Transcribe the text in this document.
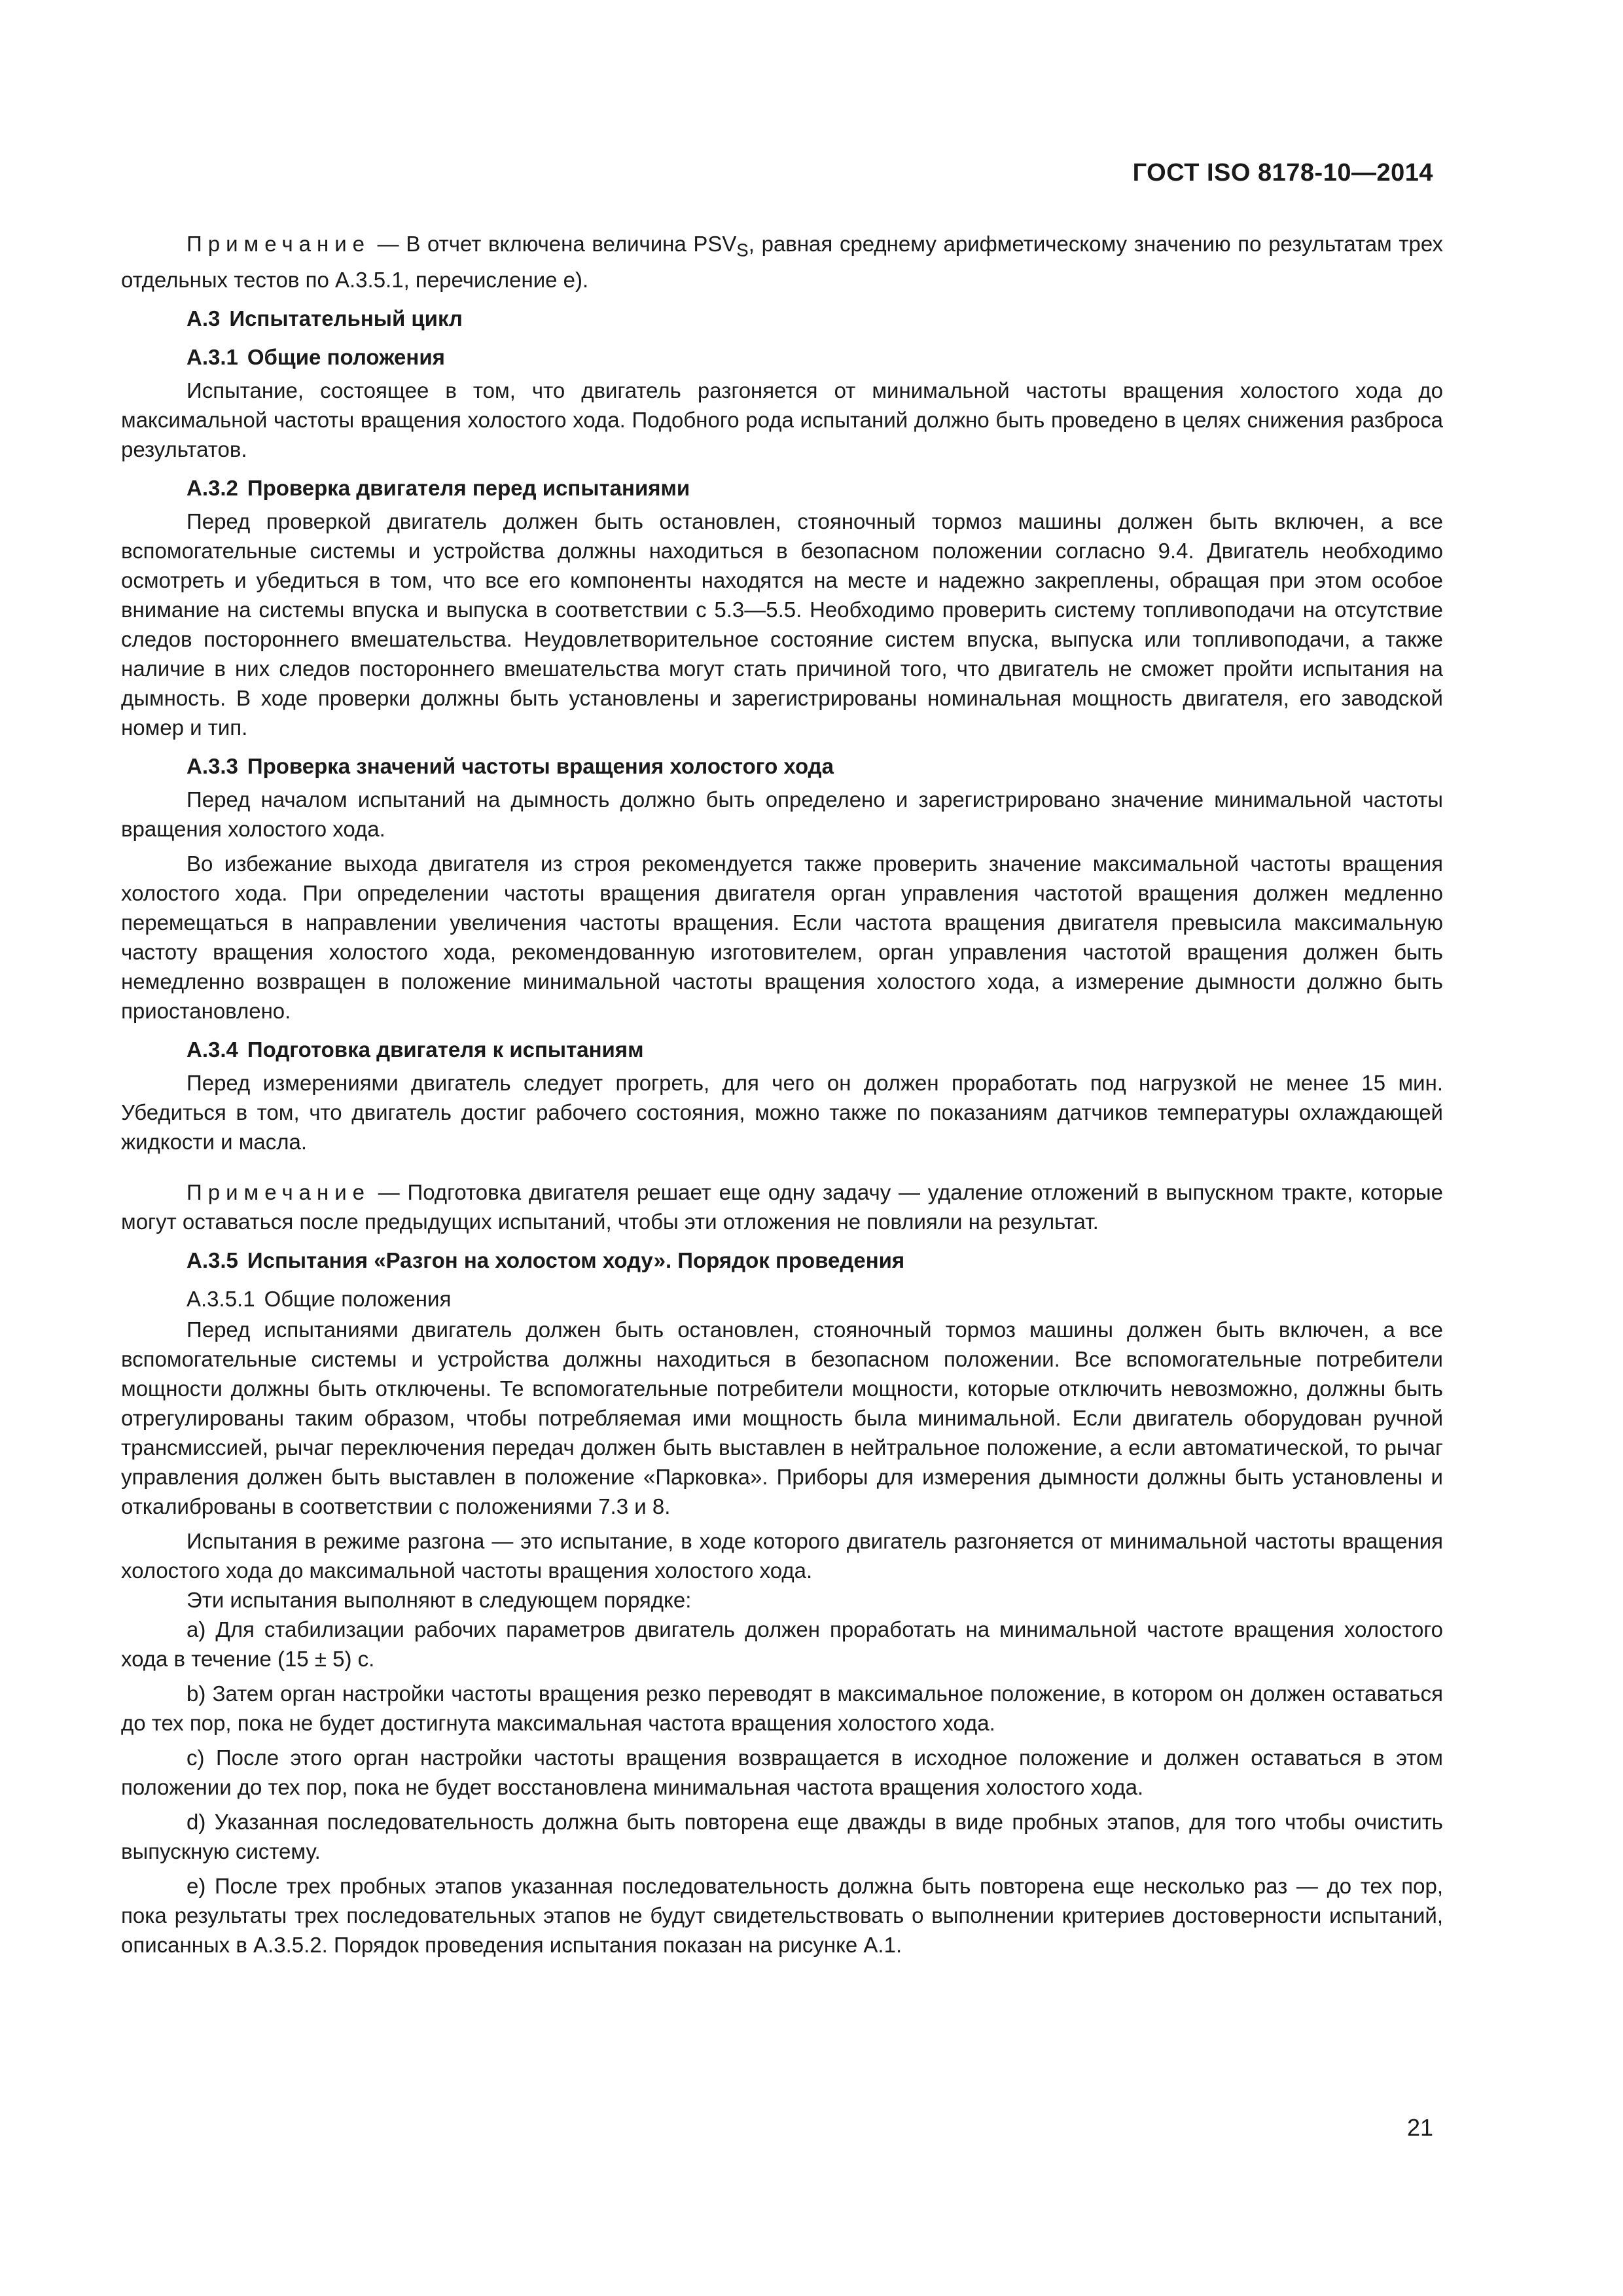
ГОСТ ISO 8178-10—2014

Примечание — В отчет включена величина $PSV_S$, равная среднему арифметическому значению по результатам трех отдельных тестов по А.3.5.1, перечисление е).

А.3 Испытательный цикл
А.3.1 Общие положения

Испытание, состоящее в том, что двигатель разгоняется от минимальной частоты вращения холостого хода до максимальной частоты вращения холостого хода. Подобного рода испытаний должно быть проведено в целях снижения разброса результатов.

А.3.2 Проверка двигателя перед испытаниями

Перед проверкой двигатель должен быть остановлен, стояночный тормоз машины должен быть включен, а все вспомогательные системы и устройства должны находиться в безопасном положении согласно 9.4. Двигатель необходимо осмотреть и убедиться в том, что все его компоненты находятся на месте и надежно закреплены, обращая при этом особое внимание на системы впуска и выпуска в соответствии с 5.3—5.5. Необходимо проверить систему топливоподачи на отсутствие следов постороннего вмешательства. Неудовлетворительное состояние систем впуска, выпуска или топливоподачи, а также наличие в них следов постороннего вмешательства могут стать причиной того, что двигатель не сможет пройти испытания на дымность. В ходе проверки должны быть установлены и зарегистрированы номинальная мощность двигателя, его заводской номер и тип.

А.3.3 Проверка значений частоты вращения холостого хода

Перед началом испытаний на дымность должно быть определено и зарегистрировано значение минимальной частоты вращения холостого хода.

Во избежание выхода двигателя из строя рекомендуется также проверить значение максимальной частоты вращения холостого хода. При определении частоты вращения двигателя орган управления частотой вращения должен медленно перемещаться в направлении увеличения частоты вращения. Если частота вращения двигателя превысила максимальную частоту вращения холостого хода, рекомендованную изготовителем, орган управления частотой вращения должен быть немедленно возвращен в положение минимальной частоты вращения холостого хода, а измерение дымности должно быть приостановлено.

А.3.4 Подготовка двигателя к испытаниям

Перед измерениями двигатель следует прогреть, для чего он должен проработать под нагрузкой не менее 15 мин. Убедиться в том, что двигатель достиг рабочего состояния, можно также по показаниям датчиков температуры охлаждающей жидкости и масла.

Примечание — Подготовка двигателя решает еще одну задачу — удаление отложений в выпускном тракте, которые могут оставаться после предыдущих испытаний, чтобы эти отложения не повлияли на результат.

А.3.5 Испытания «Разгон на холостом ходу». Порядок проведения
А.3.5.1 Общие положения

Перед испытаниями двигатель должен быть остановлен, стояночный тормоз машины должен быть включен, а все вспомогательные системы и устройства должны находиться в безопасном положении. Все вспомогательные потребители мощности должны быть отключены. Те вспомогательные потребители мощности, которые отключить невозможно, должны быть отрегулированы таким образом, чтобы потребляемая ими мощность была минимальной. Если двигатель оборудован ручной трансмиссией, рычаг переключения передач должен быть выставлен в нейтральное положение, а если автоматической, то рычаг управления должен быть выставлен в положение «Парковка». Приборы для измерения дымности должны быть установлены и откалиброваны в соответствии с положениями 7.3 и 8.

Испытания в режиме разгона — это испытание, в ходе которого двигатель разгоняется от минимальной частоты вращения холостого хода до максимальной частоты вращения холостого хода.

Эти испытания выполняют в следующем порядке:

а) Для стабилизации рабочих параметров двигатель должен проработать на минимальной частоте вращения холостого хода в течение (15 ± 5) с.

b) Затем орган настройки частоты вращения резко переводят в максимальное положение, в котором он должен оставаться до тех пор, пока не будет достигнута максимальная частота вращения холостого хода.

c) После этого орган настройки частоты вращения возвращается в исходное положение и должен оставаться в этом положении до тех пор, пока не будет восстановлена минимальная частота вращения холостого хода.

d) Указанная последовательность должна быть повторена еще дважды в виде пробных этапов, для того чтобы очистить выпускную систему.

е) После трех пробных этапов указанная последовательность должна быть повторена еще несколько раз — до тех пор, пока результаты трех последовательных этапов не будут свидетельствовать о выполнении критериев достоверности испытаний, описанных в А.3.5.2. Порядок проведения испытания показан на рисунке А.1.

21
